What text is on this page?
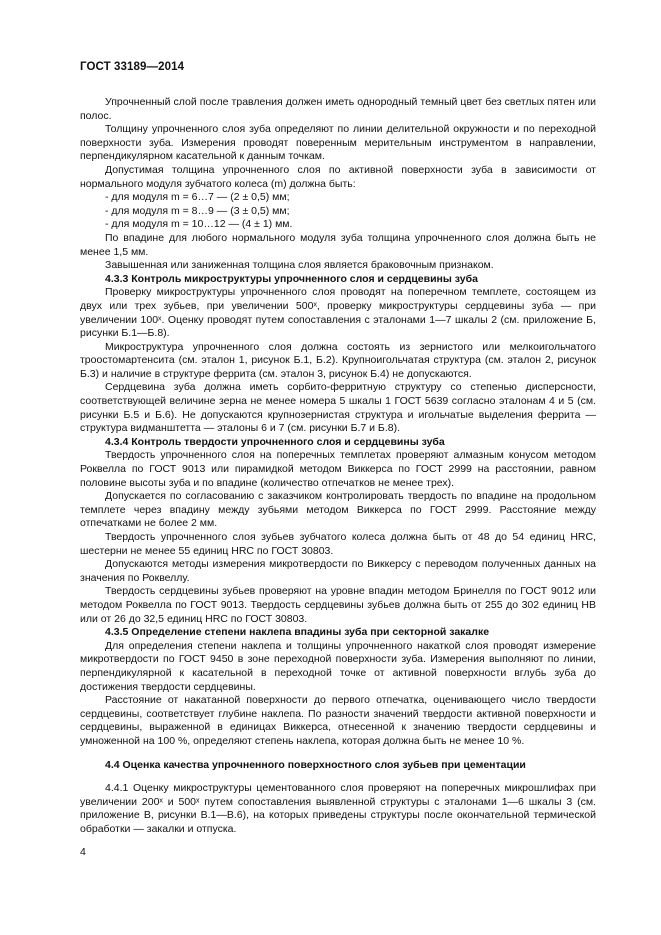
ГОСТ 33189—2014

Упрочненный слой после травления должен иметь однородный темный цвет без светлых пятен или полос.

Толщину упрочненного слоя зуба определяют по линии делительной окружности и по переходной поверхности зуба. Измерения проводят поверенным мерительным инструментом в направлении, перпендикулярном касательной к данным точкам.

Допустимая толщина упрочненного слоя по активной поверхности зуба в зависимости от нормального модуля зубчатого колеса (m) должна быть:

- для модуля m = 6…7 — (2 ± 0,5) мм;

- для модуля m = 8…9 — (3 ± 0,5) мм;

- для модуля m = 10…12 — (4 ± 1) мм.

По впадине для любого нормального модуля зуба толщина упрочненного слоя должна быть не менее 1,5 мм.

Завышенная или заниженная толщина слоя является браковочным признаком.

4.3.3 Контроль микроструктуры упрочненного слоя и сердцевины зуба

Проверку микроструктуры упрочненного слоя проводят на поперечном темплете, состоящем из двух или трех зубьев, при увеличении 500ˣ, проверку микроструктуры сердцевины зуба — при увеличении 100ˣ. Оценку проводят путем сопоставления с эталонами 1—7 шкалы 2 (см. приложение Б, рисунки Б.1—Б.8).

Микроструктура упрочненного слоя должна состоять из зернистого или мелкоигольчатого троостомартенсита (см. эталон 1, рисунок Б.1, Б.2). Крупноигольчатая структура (см. эталон 2, рисунок Б.3) и наличие в структуре феррита (см. эталон 3, рисунок Б.4) не допускаются.

Сердцевина зуба должна иметь сорбито-ферритную структуру со степенью дисперсности, соответствующей величине зерна не менее номера 5 шкалы 1 ГОСТ 5639 согласно эталонам 4 и 5 (см. рисунки Б.5 и Б.6). Не допускаются крупнозернистая структура и игольчатые выделения феррита — структура видманштетта — эталоны 6 и 7 (см. рисунки Б.7 и Б.8).

4.3.4 Контроль твердости упрочненного слоя и сердцевины зуба

Твердость упрочненного слоя на поперечных темплетах проверяют алмазным конусом методом Роквелла по ГОСТ 9013 или пирамидкой методом Виккерса по ГОСТ 2999 на расстоянии, равном половине высоты зуба и по впадине (количество отпечатков не менее трех).

Допускается по согласованию с заказчиком контролировать твердость по впадине на продольном темплете через впадину между зубьями методом Виккерса по ГОСТ 2999. Расстояние между отпечатками не более 2 мм.

Твердость упрочненного слоя зубьев зубчатого колеса должна быть от 48 до 54 единиц HRC, шестерни не менее 55 единиц HRC по ГОСТ 30803.

Допускаются методы измерения микротвердости по Виккерсу с переводом полученных данных на значения по Роквеллу.

Твердость сердцевины зубьев проверяют на уровне впадин методом Бринелля по ГОСТ 9012 или методом Роквелла по ГОСТ 9013. Твердость сердцевины зубьев должна быть от 255 до 302 единиц НВ или от 26 до 32,5 единиц HRC по ГОСТ 30803.

4.3.5 Определение степени наклепа впадины зуба при секторной закалке

Для определения степени наклепа и толщины упрочненного накаткой слоя проводят измерение микротвердости по ГОСТ 9450 в зоне переходной поверхности зуба. Измерения выполняют по линии, перпендикулярной к касательной в переходной точке от активной поверхности вглубь зуба до достижения твердости сердцевины.

Расстояние от накатанной поверхности до первого отпечатка, оценивающего число твердости сердцевины, соответствует глубине наклепа. По разности значений твердости активной поверхности и сердцевины, выраженной в единицах Виккерса, отнесенной к значению твердости сердцевины и умноженной на 100 %, определяют степень наклепа, которая должна быть не менее 10 %.

4.4 Оценка качества упрочненного поверхностного слоя зубьев при цементации

4.4.1 Оценку микроструктуры цементованного слоя проверяют на поперечных микрошлифах при увеличении 200ˣ и 500ˣ путем сопоставления выявленной структуры с эталонами 1—6 шкалы 3 (см. приложение В, рисунки В.1—В.6), на которых приведены структуры после окончательной термической обработки — закалки и отпуска.

4
